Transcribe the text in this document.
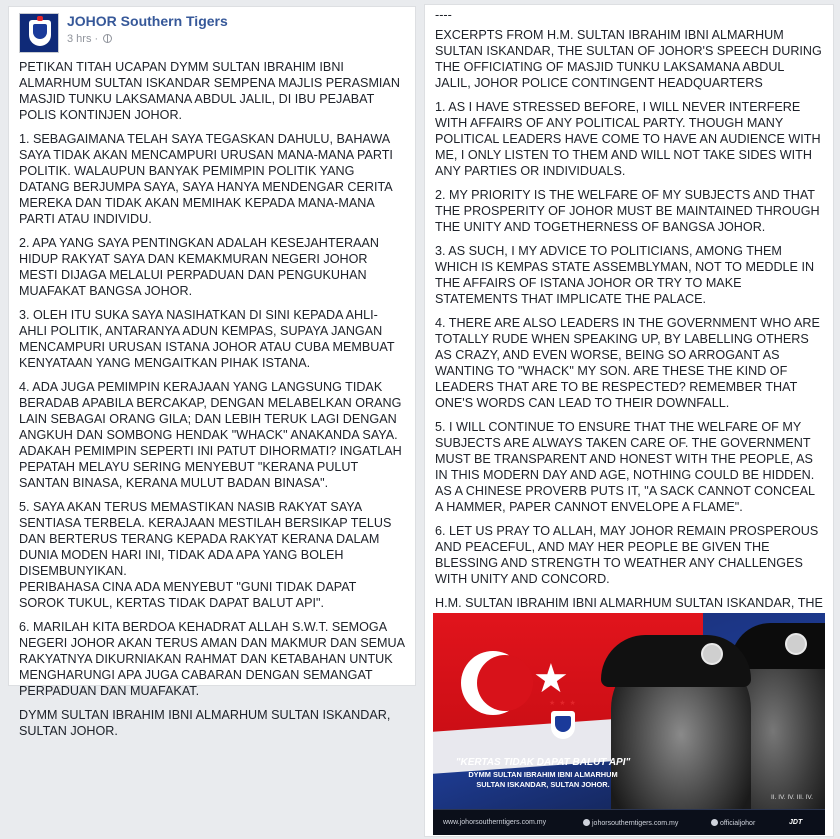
JOHOR Southern Tigers
3 hrs ·

PETIKAN TITAH UCAPAN DYMM SULTAN IBRAHIM IBNI ALMARHUM SULTAN ISKANDAR SEMPENA MAJLIS PERASMIAN MASJID TUNKU LAKSAMANA ABDUL JALIL, DI IBU PEJABAT POLIS KONTINJEN JOHOR.

1. SEBAGAIMANA TELAH SAYA TEGASKAN DAHULU, BAHAWA SAYA TIDAK AKAN MENCAMPURI URUSAN MANA-MANA PARTI POLITIK. WALAUPUN BANYAK PEMIMPIN POLITIK YANG DATANG BERJUMPA SAYA, SAYA HANYA MENDENGAR CERITA MEREKA DAN TIDAK AKAN MEMIHAK KEPADA MANA-MANA PARTI ATAU INDIVIDU.

2. APA YANG SAYA PENTINGKAN ADALAH KESEJAHTERAAN HIDUP RAKYAT SAYA DAN KEMAKMURAN NEGERI JOHOR MESTI DIJAGA MELALUI PERPADUAN DAN PENGUKUHAN MUAFAKAT BANGSA JOHOR.

3. OLEH ITU SUKA SAYA NASIHATKAN DI SINI KEPADA AHLI-AHLI POLITIK, ANTARANYA ADUN KEMPAS, SUPAYA JANGAN MENCAMPURI URUSAN ISTANA JOHOR ATAU CUBA MEMBUAT KENYATAAN YANG MENGAITKAN PIHAK ISTANA.

4. ADA JUGA PEMIMPIN KERAJAAN YANG LANGSUNG TIDAK BERADAB APABILA BERCAKAP, DENGAN MELABELKAN ORANG LAIN SEBAGAI ORANG GILA; DAN LEBIH TERUK LAGI DENGAN ANGKUH DAN SOMBONG HENDAK "WHACK" ANAKANDA SAYA. ADAKAH PEMIMPIN SEPERTI INI PATUT DIHORMATI? INGATLAH PEPATAH MELAYU SERING MENYEBUT "KERANA PULUT SANTAN BINASA, KERANA MULUT BADAN BINASA".

5. SAYA AKAN TERUS MEMASTIKAN NASIB RAKYAT SAYA SENTIASA TERBELA. KERAJAAN MESTILAH BERSIKAP TELUS DAN BERTERUS TERANG KEPADA RAKYAT KERANA DALAM DUNIA MODEN HARI INI, TIDAK ADA APA YANG BOLEH DISEMBUNYIKAN.

PERIBAHASA CINA ADA MENYEBUT "GUNI TIDAK DAPAT SOROK TUKUL, KERTAS TIDAK DAPAT BALUT API".

6. MARILAH KITA BERDOA KEHADRAT ALLAH S.W.T. SEMOGA NEGERI JOHOR AKAN TERUS AMAN DAN MAKMUR DAN SEMUA RAKYATNYA DIKURNIAKAN RAHMAT DAN KETABAHAN UNTUK MENGHARUNGI APA JUGA CABARAN DENGAN SEMANGAT PERPADUAN DAN MUAFAKAT.

DYMM SULTAN IBRAHIM IBNI ALMARHUM SULTAN ISKANDAR, SULTAN JOHOR.

----

EXCERPTS FROM H.M. SULTAN IBRAHIM IBNI ALMARHUM SULTAN ISKANDAR, THE SULTAN OF JOHOR'S SPEECH DURING THE OFFICIATING OF MASJID TUNKU LAKSAMANA ABDUL JALIL, JOHOR POLICE CONTINGENT HEADQUARTERS

1. AS I HAVE STRESSED BEFORE, I WILL NEVER INTERFERE WITH AFFAIRS OF ANY POLITICAL PARTY. THOUGH MANY POLITICAL LEADERS HAVE COME TO HAVE AN AUDIENCE WITH ME, I ONLY LISTEN TO THEM AND WILL NOT TAKE SIDES WITH ANY PARTIES OR INDIVIDUALS.

2. MY PRIORITY IS THE WELFARE OF MY SUBJECTS AND THAT THE PROSPERITY OF JOHOR MUST BE MAINTAINED THROUGH THE UNITY AND TOGETHERNESS OF BANGSA JOHOR.

3. AS SUCH, I MY ADVICE TO POLITICIANS, AMONG THEM WHICH IS KEMPAS STATE ASSEMBLYMAN, NOT TO MEDDLE IN THE AFFAIRS OF ISTANA JOHOR OR TRY TO MAKE STATEMENTS THAT IMPLICATE THE PALACE.

4. THERE ARE ALSO LEADERS IN THE GOVERNMENT WHO ARE TOTALLY RUDE WHEN SPEAKING UP, BY LABELLING OTHERS AS CRAZY, AND EVEN WORSE, BEING SO ARROGANT AS WANTING TO "WHACK" MY SON. ARE THESE THE KIND OF LEADERS THAT ARE TO BE RESPECTED? REMEMBER THAT ONE'S WORDS CAN LEAD TO THEIR DOWNFALL.

5. I WILL CONTINUE TO ENSURE THAT THE WELFARE OF MY SUBJECTS ARE ALWAYS TAKEN CARE OF. THE GOVERNMENT MUST BE TRANSPARENT AND HONEST WITH THE PEOPLE, AS IN THIS MODERN DAY AND AGE, NOTHING COULD BE HIDDEN. AS A CHINESE PROVERB PUTS IT, "A SACK CANNOT CONCEAL A HAMMER, PAPER CANNOT ENVELOPE A FLAME".

6. LET US PRAY TO ALLAH, MAY JOHOR REMAIN PROSPEROUS AND PEACEFUL, AND MAY HER PEOPLE BE GIVEN THE BLESSING AND STRENGTH TO WEATHER ANY CHALLENGES WITH UNITY AND CONCORD.

H.M. SULTAN IBRAHIM IBNI ALMARHUM SULTAN ISKANDAR, THE

★
★ ★ ★
"KERTAS TIDAK DAPAT BALUT API"
DYMM SULTAN IBRAHIM IBNI ALMARHUM
SULTAN ISKANDAR, SULTAN JOHOR.
II. IV. IV. III. IV.
www.johorsoutherntigers.com.my	johorsoutherntigers.com.my	officialjohor	JDT
